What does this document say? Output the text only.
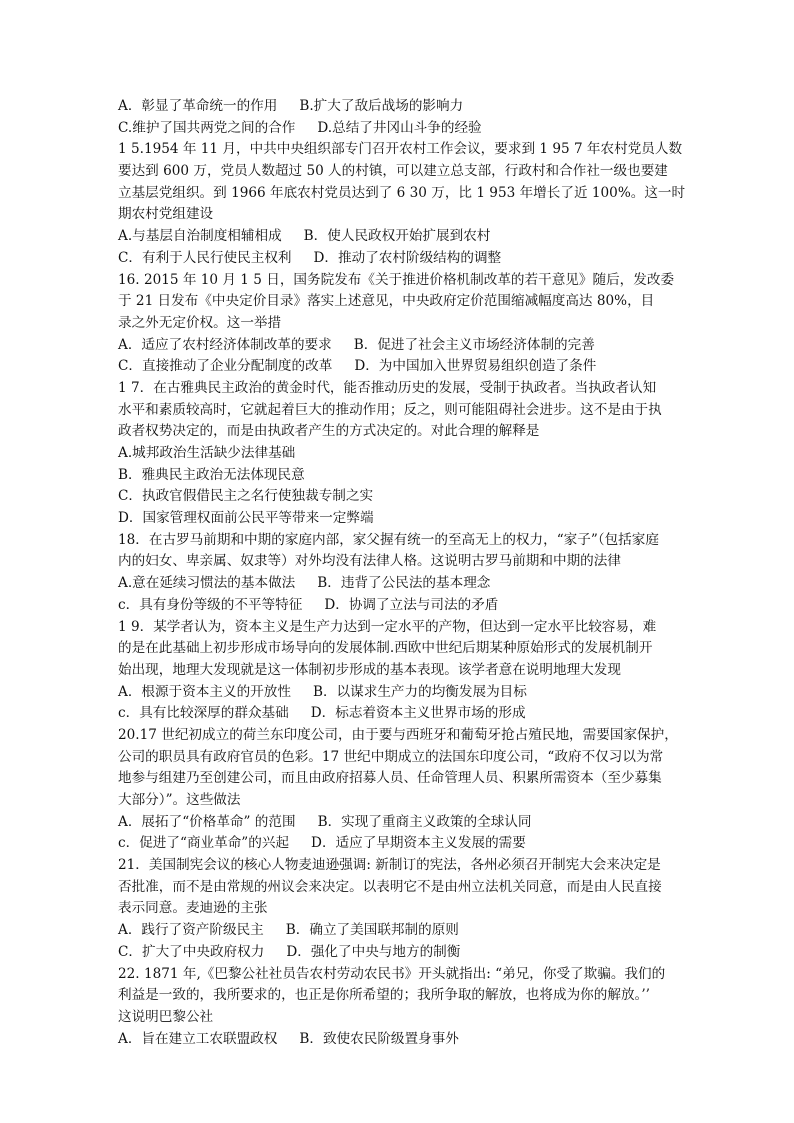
A．彰显了革命统一的作用 B.扩大了敌后战场的影响力
C.维护了国共两党之间的合作 D.总结了井冈山斗争的经验
1 5.1954 年 11 月，中共中央组织部专门召开农村工作会议，要求到 1 95 7 年农村党员人数
要达到 600 万，党员人数超过 50 人的村镇，可以建立总支部，行政村和合作社一级也要建
立基层党组织。到 1966 年底农村党员达到了 6 30 万，比 1 953 年增长了近 100%。这一时
期农村党组建设
A.与基层自治制度相辅相成 B．使人民政权开始扩展到农村
C．有利于人民行使民主权利 D．推动了农村阶级结构的调整
16. 2015 年 10 月 1 5 日，国务院发布《关于推进价格机制改革的若干意见》随后，发改委
于 21 日发布《中央定价目录》落实上述意见，中央政府定价范围缩减幅度高达 80%，目
录之外无定价权。这一举措
A．适应了农村经济体制改革的要求 B．促进了社会主义市场经济体制的完善
C．直接推动了企业分配制度的改革 D．为中国加入世界贸易组织创造了条件
1 7．在古雅典民主政治的黄金时代，能否推动历史的发展，受制于执政者。当执政者认知
水平和素质较高时，它就起着巨大的推动作用；反之，则可能阻碍社会进步。这不是由于执
政者权势决定的，而是由执政者产生的方式决定的。对此合理的解释是
A.城邦政治生活缺少法律基础
B．雅典民主政治无法体现民意
C．执政官假借民主之名行使独裁专制之实
D．国家管理权面前公民平等带来一定弊端
18．在古罗马前期和中期的家庭内部，家父握有统一的至高无上的权力，“家子”（包括家庭
内的妇女、卑亲属、奴隶等）对外均没有法律人格。这说明古罗马前期和中期的法律
A.意在延续习惯法的基本做法 B．违背了公民法的基本理念
c．具有身份等级的不平等特征 D．协调了立法与司法的矛盾
1 9．某学者认为，资本主义是生产力达到一定水平的产物，但达到一定水平比较容易，难
的是在此基础上初步形成市场导向的发展体制.西欧中世纪后期某种原始形式的发展机制开
始出现，地理大发现就是这一体制初步形成的基本表现。该学者意在说明地理大发现
A．根源于资本主义的开放性 B．以谋求生产力的均衡发展为目标
c．具有比较深厚的群众基础 D．标志着资本主义世界市场的形成
20.17 世纪初成立的荷兰东印度公司，由于要与西班牙和葡萄牙抢占殖民地，需要国家保护，
公司的职员具有政府官员的色彩。17 世纪中期成立的法国东印度公司，“政府不仅习以为常
地参与组建乃至创建公司，而且由政府招募人员、任命管理人员、积累所需资本（至少募集
大部分）”。这些做法
A．展拓了“价格革命” 的范围 B．实现了重商主义政策的全球认同
c．促进了“商业革命”的兴起 D．适应了早期资本主义发展的需要
21．美国制宪会议的核心人物麦迪逊强调: 新制订的宪法，各州必须召开制宪大会来决定是
否批准，而不是由常规的州议会来决定。以表明它不是由州立法机关同意，而是由人民直接
表示同意。麦迪逊的主张
A．践行了资产阶级民主 B．确立了美国联邦制的原则
C．扩大了中央政府权力 D．强化了中央与地方的制衡
22. 1871 年,《巴黎公社社员告农村劳动农民书》开头就指出: “弟兄，你受了欺骗。我们的
利益是一致的，我所要求的，也正是你所希望的；我所争取的解放，也将成为你的解放。’’
这说明巴黎公社
A．旨在建立工农联盟政权 B．致使农民阶级置身事外
